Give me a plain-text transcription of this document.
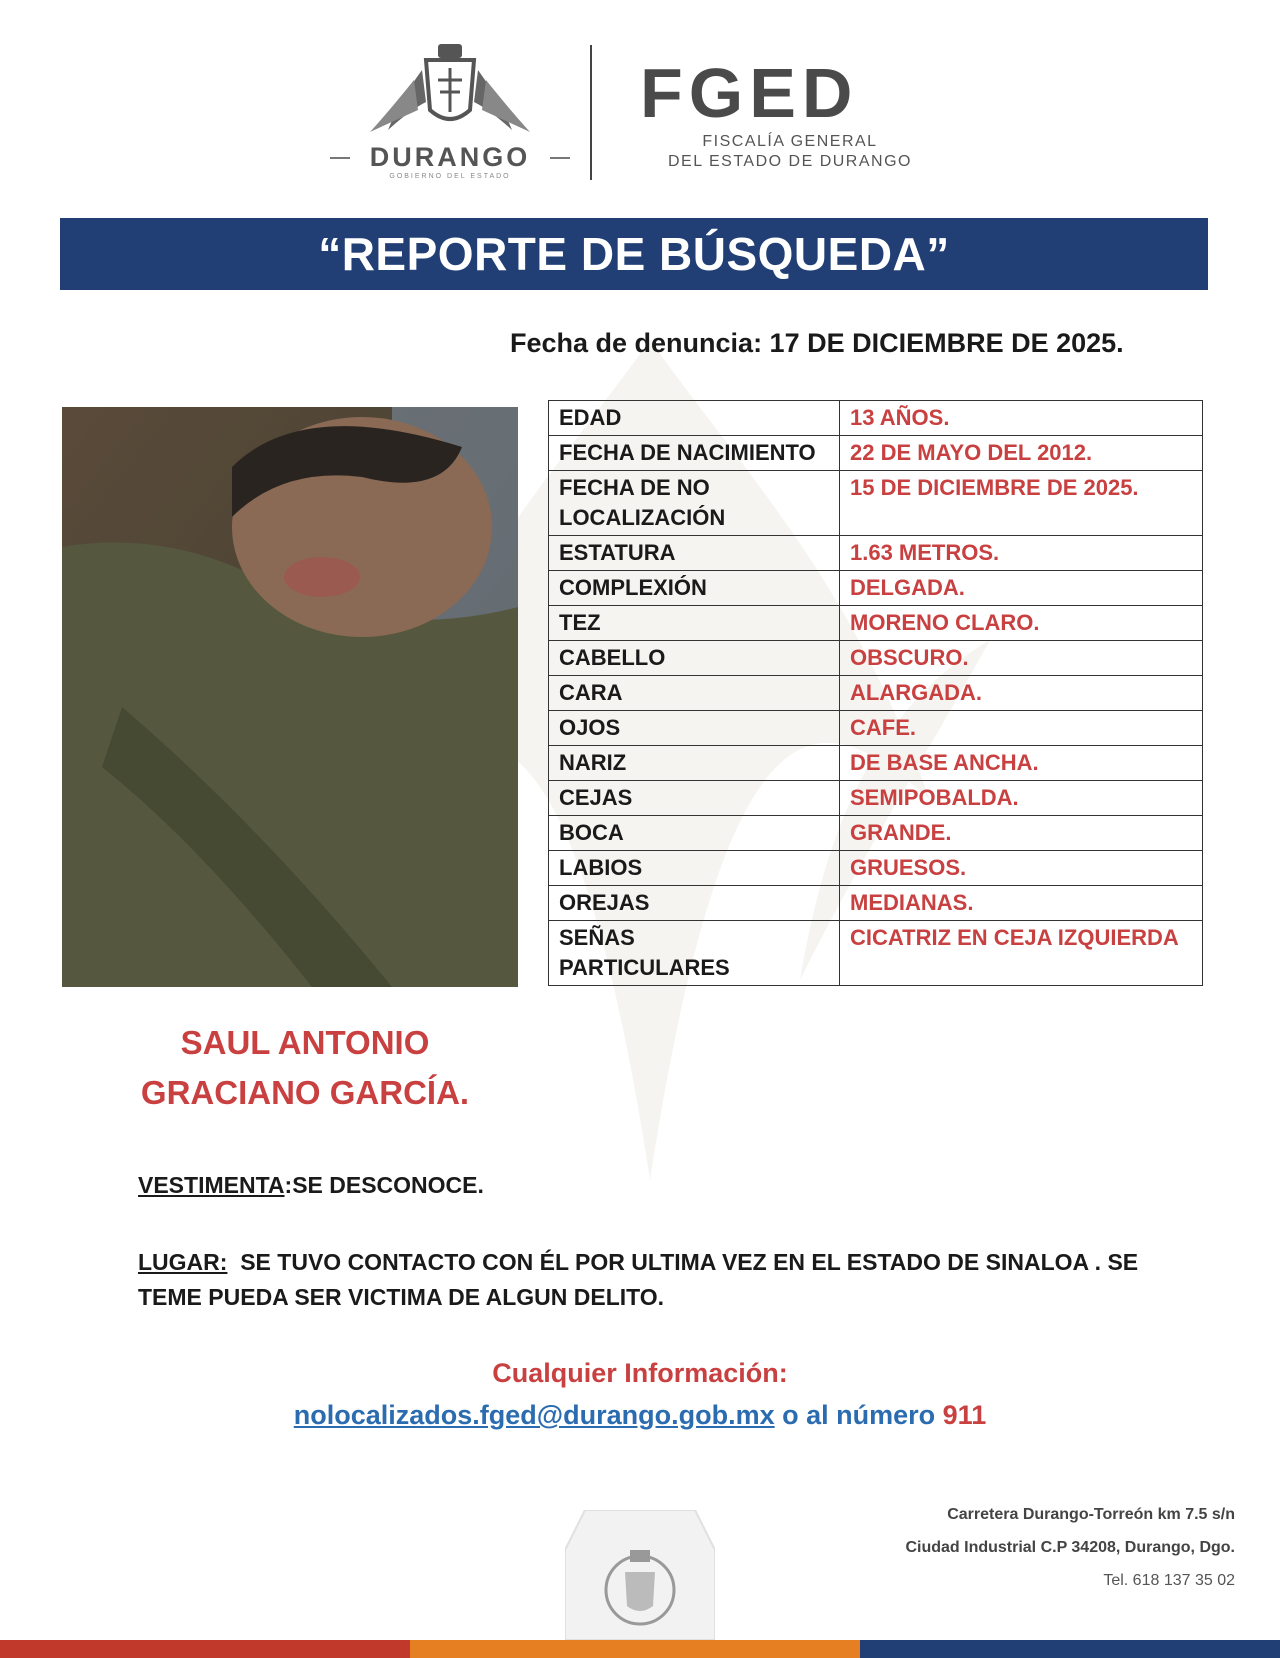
DURANGO
GOBIERNO DEL ESTADO
FGED
FISCALÍA GENERAL
DEL ESTADO DE DURANGO
“REPORTE DE BÚSQUEDA”
Fecha de denuncia: 17 DE DICIEMBRE DE 2025.
EDAD	13 AÑOS.
FECHA DE NACIMIENTO	22 DE MAYO DEL 2012.
FECHA DE NO
LOCALIZACIÓN	15 DE DICIEMBRE DE 2025.
ESTATURA	1.63 METROS.
COMPLEXIÓN	DELGADA.
TEZ	MORENO CLARO.
CABELLO	OBSCURO.
CARA	ALARGADA.
OJOS	CAFE.
NARIZ	DE BASE ANCHA.
CEJAS	SEMIPOBALDA.
BOCA	GRANDE.
LABIOS	GRUESOS.
OREJAS	MEDIANAS.
SEÑAS
PARTICULARES	CICATRIZ EN CEJA IZQUIERDA
SAUL ANTONIO
GRACIANO GARCÍA.
VESTIMENTA:SE DESCONOCE.
LUGAR:  SE TUVO CONTACTO CON ÉL POR ULTIMA VEZ EN EL ESTADO DE SINALOA . SE TEME PUEDA SER VICTIMA DE ALGUN DELITO.
Cualquier Información:
nolocalizados.fged@durango.gob.mx o al número 911
Carretera Durango-Torreón km 7.5 s/n
Ciudad Industrial C.P 34208, Durango, Dgo.
Tel. 618 137 35 02
